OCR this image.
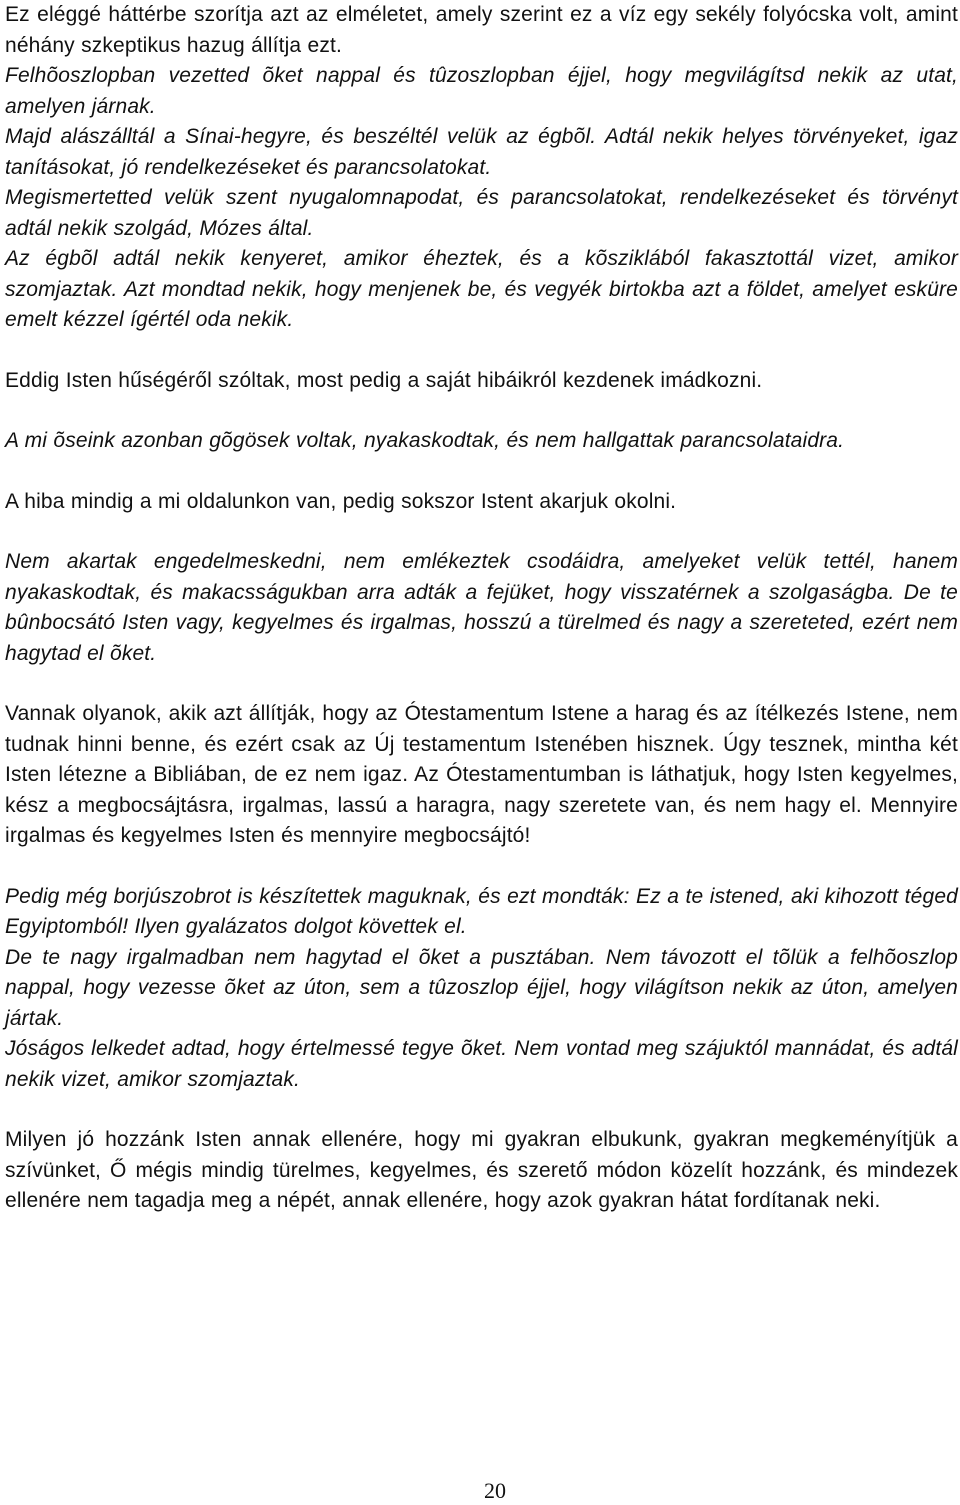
Ez eléggé háttérbe szorítja azt az elméletet, amely szerint ez a víz egy sekély folyócska volt, amint néhány szkeptikus hazug állítja ezt.

Felhõoszlopban vezetted õket nappal és tûzoszlopban éjjel, hogy megvilágítsd nekik az utat, amelyen járnak.

Majd alászálltál a Sínai-hegyre, és beszéltél velük az égbõl. Adtál nekik helyes törvényeket, igaz tanításokat, jó rendelkezéseket és parancsolatokat.

Megismertetted velük szent nyugalomnapodat, és parancsolatokat, rendelkezéseket és törvényt adtál nekik szolgád, Mózes által.

Az égbõl adtál nekik kenyeret, amikor éheztek, és a kõsziklából fakasztottál vizet, amikor szomjaztak. Azt mondtad nekik, hogy menjenek be, és vegyék birtokba azt a földet, amelyet esküre emelt kézzel ígértél oda nekik.

Eddig Isten hűségéről szóltak, most pedig a saját hibáikról kezdenek imádkozni.

A mi õseink azonban gõgösek voltak, nyakaskodtak, és nem hallgattak parancsolataidra.

A hiba mindig a mi oldalunkon van, pedig sokszor Istent akarjuk okolni.

Nem akartak engedelmeskedni, nem emlékeztek csodáidra, amelyeket velük tettél, hanem nyakaskodtak, és makacsságukban arra adták a fejüket, hogy visszatérnek a szolgaságba. De te bûnbocsátó Isten vagy, kegyelmes és irgalmas, hosszú a türelmed és nagy a szereteted, ezért nem hagytad el õket.

Vannak olyanok, akik azt állítják, hogy az Ótestamentum Istene a harag és az ítélkezés Istene, nem tudnak hinni benne, és ezért csak az Új testamentum Istenében hisznek. Úgy tesznek, mintha két Isten létezne a Bibliában, de ez nem igaz. Az Ótestamentumban is láthatjuk, hogy Isten kegyelmes, kész a megbocsájtásra, irgalmas, lassú a haragra, nagy szeretete van, és nem hagy el. Mennyire irgalmas és kegyelmes Isten és mennyire megbocsájtó!

Pedig még borjúszobrot is készítettek maguknak, és ezt mondták: Ez a te istened, aki kihozott téged Egyiptomból! Ilyen gyalázatos dolgot követtek el.

De te nagy irgalmadban nem hagytad el õket a pusztában. Nem távozott el tõlük a felhõoszlop nappal, hogy vezesse õket az úton, sem a tûzoszlop éjjel, hogy világítson nekik az úton, amelyen jártak.

Jóságos lelkedet adtad, hogy értelmessé tegye õket. Nem vontad meg szájuktól mannádat, és adtál nekik vizet, amikor szomjaztak.

Milyen jó hozzánk Isten annak ellenére, hogy mi gyakran elbukunk, gyakran megkeményítjük a szívünket, Ő mégis mindig türelmes, kegyelmes, és szerető módon közelít hozzánk, és mindezek ellenére nem tagadja meg a népét, annak ellenére, hogy azok gyakran hátat fordítanak neki.

20
